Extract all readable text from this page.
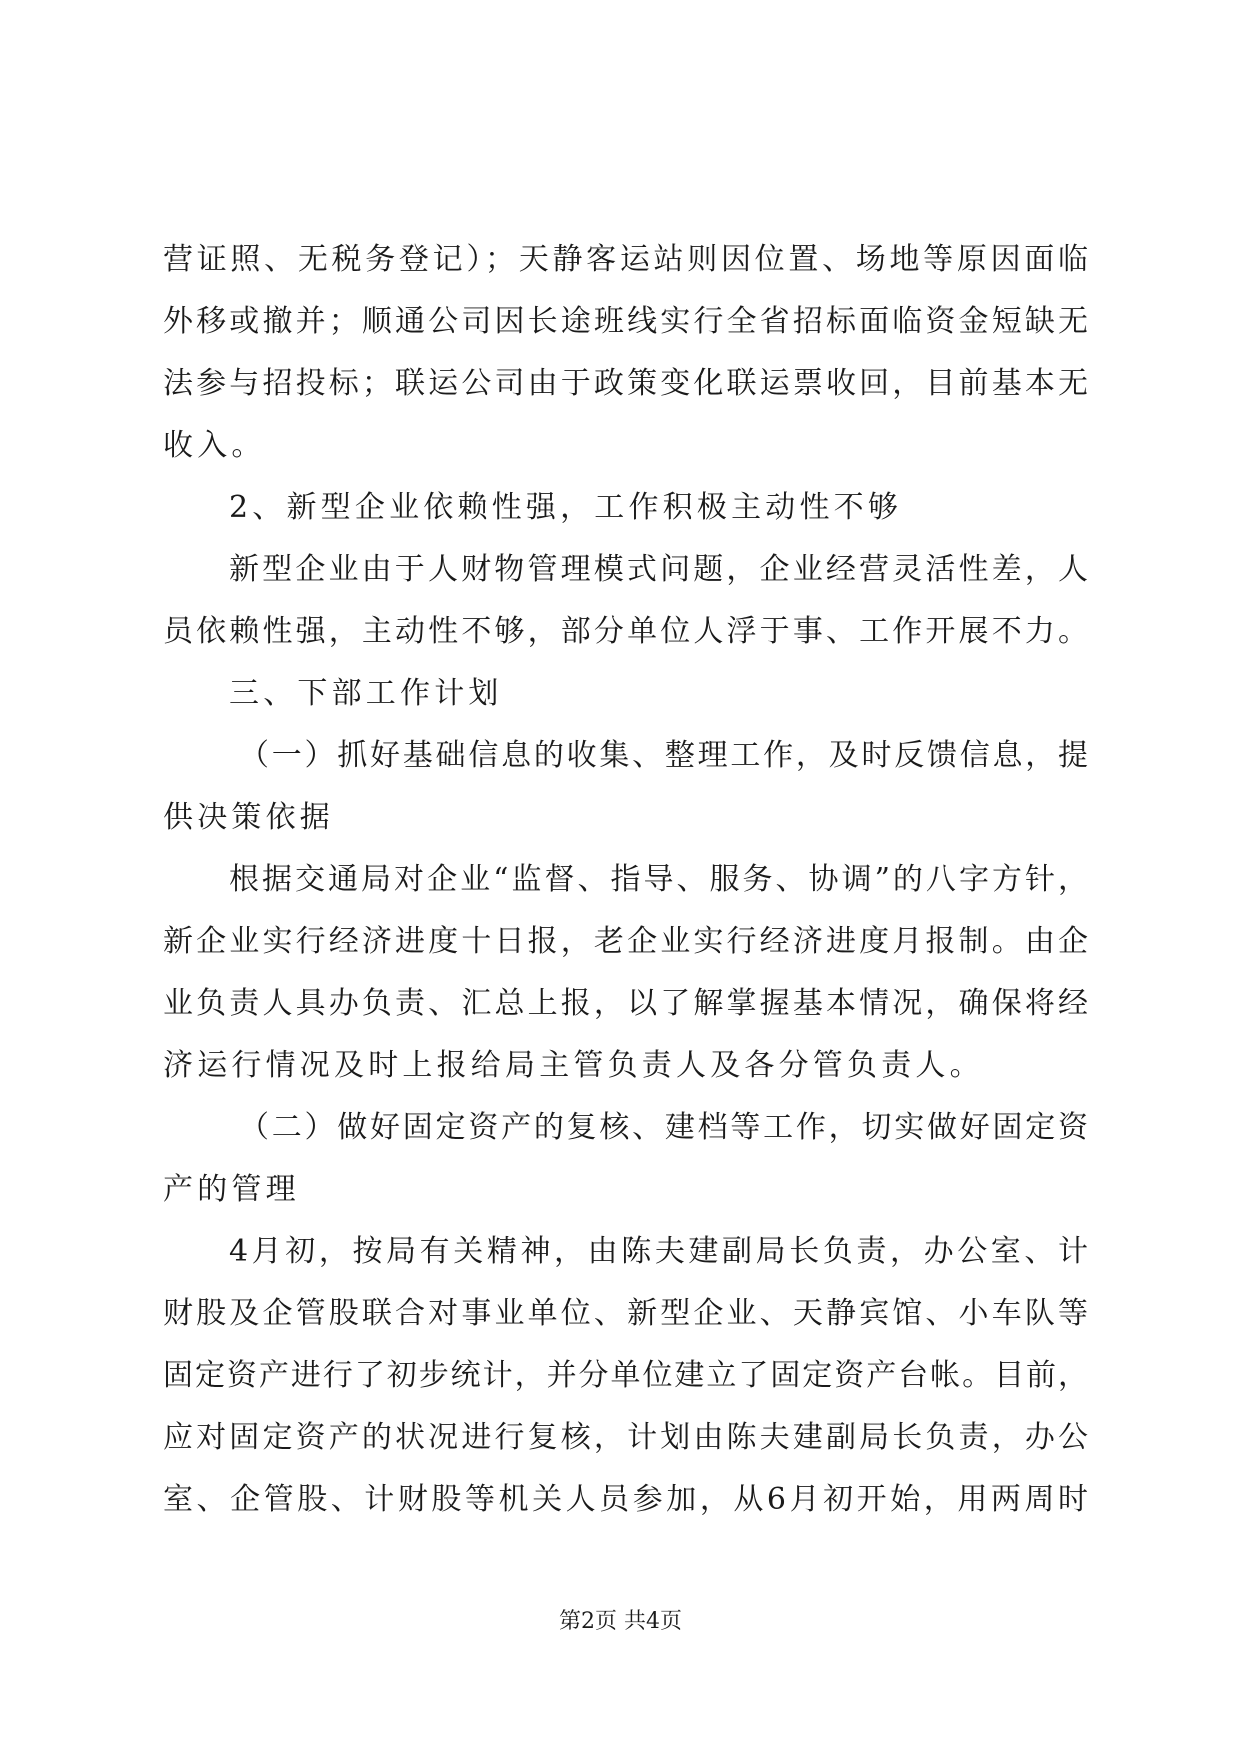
营证照、无税务登记）；天静客运站则因位置、场地等原因面临
外移或撤并；顺通公司因长途班线实行全省招标面临资金短缺无
法参与招投标；联运公司由于政策变化联运票收回，目前基本无
收入。
2、新型企业依赖性强，工作积极主动性不够
新型企业由于人财物管理模式问题，企业经营灵活性差，人
员依赖性强，主动性不够，部分单位人浮于事、工作开展不力。
三、下部工作计划
（一）抓好基础信息的收集、整理工作，及时反馈信息，提
供决策依据
根据交通局对企业“监督、指导、服务、协调”的八字方针，
新企业实行经济进度十日报，老企业实行经济进度月报制。由企
业负责人具办负责、汇总上报，以了解掌握基本情况，确保将经
济运行情况及时上报给局主管负责人及各分管负责人。
（二）做好固定资产的复核、建档等工作，切实做好固定资
产的管理
4月初，按局有关精神，由陈夫建副局长负责，办公室、计
财股及企管股联合对事业单位、新型企业、天静宾馆、小车队等
固定资产进行了初步统计，并分单位建立了固定资产台帐。目前，
应对固定资产的状况进行复核，计划由陈夫建副局长负责，办公
室、企管股、计财股等机关人员参加，从6月初开始，用两周时
第2页 共4页
